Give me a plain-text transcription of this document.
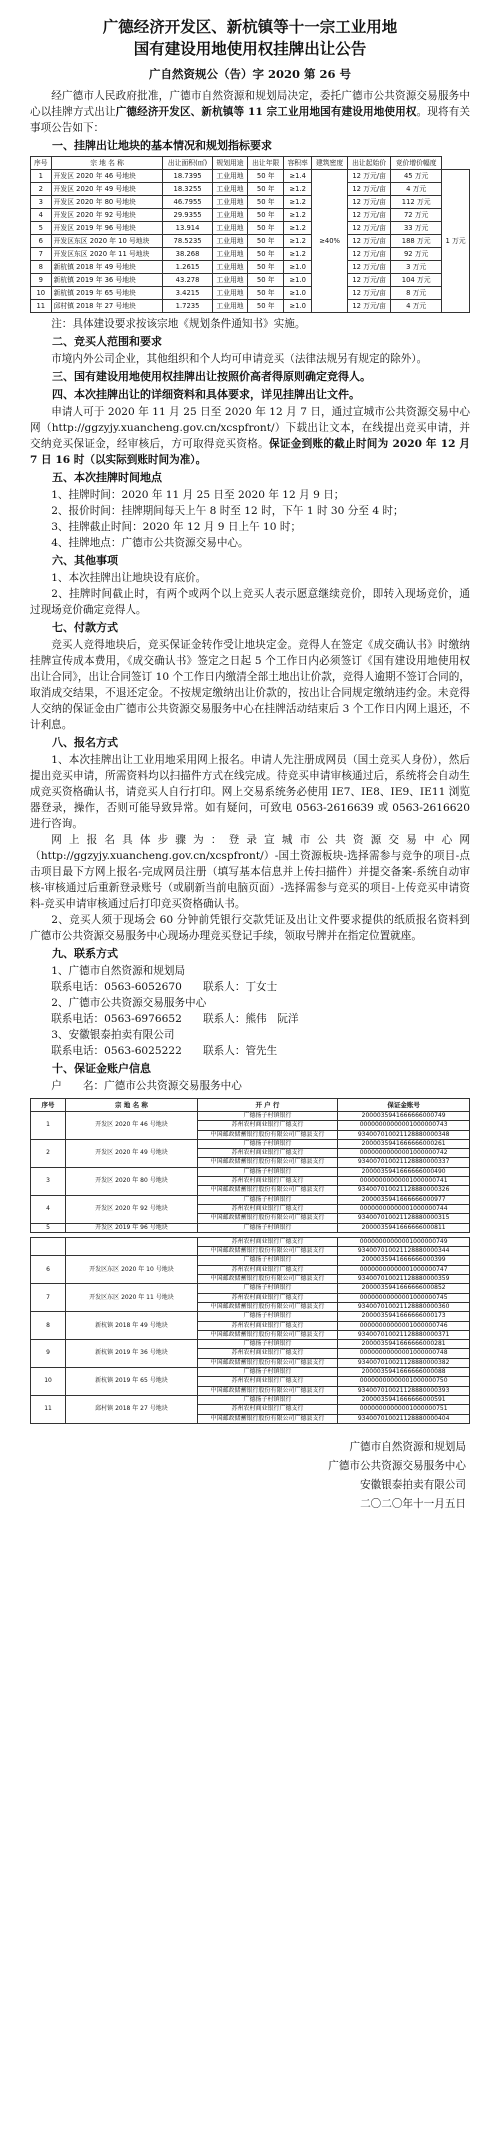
广德经济开发区、新杭镇等十一宗工业用地
国有建设用地使用权挂牌出让公告
广自然资规公（告）字 2020 第 26 号

经广德市人民政府批准，广德市自然资源和规划局决定，委托广德市公共资源交易服务中心以挂牌方式出让广德经济开发区、新杭镇等 11 宗工业用地国有建设用地使用权。现将有关事项公告如下：

一、挂牌出让地块的基本情况和规划指标要求
序号	宗 地 名 称	出让面积(㎡)	规划用途	出让年限	容积率	建筑密度	出让起始价	竞价增价幅度	
1	开发区 2020 年 46 号地块	18.7395	工业用地	50 年	≥1.4	≥40%	12 万元/亩	45 万元	1 万元
2	开发区 2020 年 49 号地块	18.3255	工业用地	50 年	≥1.2		12 万元/亩	4 万元	
3	开发区 2020 年 80 号地块	46.7955	工业用地	50 年	≥1.2		12 万元/亩	112 万元	
4	开发区 2020 年 92 号地块	29.9355	工业用地	50 年	≥1.2		12 万元/亩	72 万元	
5	开发区 2019 年 96 号地块	13.914	工业用地	50 年	≥1.2		12 万元/亩	33 万元	
6	开发区东区 2020 年 10 号地块	78.5235	工业用地	50 年	≥1.2		12 万元/亩	188 万元	
7	开发区东区 2020 年 11 号地块	38.268	工业用地	50 年	≥1.2		12 万元/亩	92 万元	
8	新杭镇 2018 年 49 号地块	1.2615	工业用地	50 年	≥1.0		12 万元/亩	3 万元	
9	新杭镇 2019 年 36 号地块	43.278	工业用地	50 年	≥1.0		12 万元/亩	104 万元	
10	新杭镇 2019 年 65 号地块	3.4215	工业用地	50 年	≥1.0		12 万元/亩	8 万元	
11	邱村镇 2018 年 27 号地块	1.7235	工业用地	50 年	≥1.0		12 万元/亩	4 万元	

注：具体建设要求按该宗地《规划条件通知书》实施。

二、竞买人范围和要求

市境内外公司企业，其他组织和个人均可申请竞买（法律法规另有规定的除外）。

三、国有建设用地使用权挂牌出让按照价高者得原则确定竞得人。
四、本次挂牌出让的详细资料和具体要求，详见挂牌出让文件。

申请人可于 2020 年 11 月 25 日至 2020 年 12 月 7 日，通过宣城市公共资源交易中心网（http://ggzyjy.xuancheng.gov.cn/xcspfront/）下载出让文本，在线提出竞买申请，并交纳竞买保证金，经审核后，方可取得竞买资格。保证金到账的截止时间为 2020 年 12 月 7 日 16 时（以实际到账时间为准）。

五、本次挂牌时间地点

1、挂牌时间：2020 年 11 月 25 日至 2020 年 12 月 9 日；

2、报价时间：挂牌期间每天上午 8 时至 12 时，下午 1 时 30 分至 4 时；

3、挂牌截止时间：2020 年 12 月 9 日上午 10 时；

4、挂牌地点：广德市公共资源交易中心。

六、其他事项

1、本次挂牌出让地块设有底价。

2、挂牌时间截止时，有两个或两个以上竞买人表示愿意继续竞价，即转入现场竞价，通过现场竞价确定竞得人。

七、付款方式

竞买人竞得地块后，竞买保证金转作受让地块定金。竞得人在签定《成交确认书》时缴纳挂牌宣传成本费用，《成交确认书》签定之日起 5 个工作日内必须签订《国有建设用地使用权出让合同》，出让合同签订 10 个工作日内缴清全部土地出让价款，竞得人逾期不签订合同的，取消成交结果，不退还定金。不按规定缴纳出让价款的，按出让合同规定缴纳违约金。未竞得人交纳的保证金由广德市公共资源交易服务中心在挂牌活动结束后 3 个工作日内网上退还，不计利息。

八、报名方式

1、本次挂牌出让工业用地采用网上报名。申请人先注册成网员（国土竞买人身份），然后提出竞买申请，所需资料均以扫描件方式在线完成。待竞买申请审核通过后，系统将会自动生成竞买资格确认书，请竞买人自行打印。网上交易系统务必使用 IE7、IE8、IE9、IE11 浏览器登录，操作，否则可能导致异常。如有疑问，可致电 0563-2616639 或 0563-2616620 进行咨询。

网上报名具体步骤为：登录宣城市公共资源交易中心网（http://ggzyjy.xuancheng.gov.cn/xcspfront/）-国土资源板块-选择需参与竞争的项目-点击项目最下方网上报名-完成网员注册（填写基本信息并上传扫描件）并提交备案-系统自动审核-审核通过后重新登录账号（或刷新当前电脑页面）-选择需参与竞买的项目-上传竞买申请资料-竞买申请审核通过后打印竞买资格确认书。

2、竞买人须于现场会 60 分钟前凭银行交款凭证及出让文件要求提供的纸质报名资料到广德市公共资源交易服务中心现场办理竞买登记手续，领取号牌并在指定位置就座。

九、联系方式

1、广德市自然资源和规划局

联系电话：0563-6052670　　联系人：丁女士

2、广德市公共资源交易服务中心

联系电话：0563-6976652　　联系人：熊伟　阮洋

3、安徽银泰拍卖有限公司

联系电话：0563-6025222　　联系人：管先生

十、保证金账户信息

户　　名：广德市公共资源交易服务中心

序号	宗 地 名 称	开 户 行	保证金账号
1	开发区 2020 年 46 号地块	广德扬子村镇银行	2000035941666666000749
		苏州农村商业银行广德支行	00000000000001000000743
		中国邮政储蓄银行股份有限公司广德县支行	934007010021128880000348
2	开发区 2020 年 49 号地块	广德扬子村镇银行	2000035941666666000261
		苏州农村商业银行广德支行	00000000000001000000742
		中国邮政储蓄银行股份有限公司广德县支行	934007010021128880000337
3	开发区 2020 年 80 号地块	广德扬子村镇银行	2000035941666666000490
		苏州农村商业银行广德支行	00000000000001000000741
		中国邮政储蓄银行股份有限公司广德县支行	934007010021128880000326
4	开发区 2020 年 92 号地块	广德扬子村镇银行	2000035941666666000977
		苏州农村商业银行广德支行	00000000000001000000744
		中国邮政储蓄银行股份有限公司广德县支行	934007010021128880000315
5	开发区 2019 年 96 号地块	广德扬子村镇银行	2000035941666666000811
		苏州农村商业银行广德支行	00000000000001000000749
		中国邮政储蓄银行股份有限公司广德县支行	934007010021128880000344
6	开发区东区 2020 年 10 号地块	广德扬子村镇银行	2000035941666666000399
		苏州农村商业银行广德支行	00000000000001000000747
		中国邮政储蓄银行股份有限公司广德县支行	934007010021128880000359
7	开发区东区 2020 年 11 号地块	广德扬子村镇银行	2000035941666666000852
		苏州农村商业银行广德支行	00000000000001000000745
		中国邮政储蓄银行股份有限公司广德县支行	934007010021128880000360
8	新杭镇 2018 年 49 号地块	广德扬子村镇银行	2000035941666666000173
		苏州农村商业银行广德支行	00000000000001000000746
		中国邮政储蓄银行股份有限公司广德县支行	934007010021128880000371
9	新杭镇 2019 年 36 号地块	广德扬子村镇银行	2000035941666666000281
		苏州农村商业银行广德支行	00000000000001000000748
		中国邮政储蓄银行股份有限公司广德县支行	934007010021128880000382
10	新杭镇 2019 年 65 号地块	广德扬子村镇银行	2000035941666666000088
		苏州农村商业银行广德支行	00000000000001000000750
		中国邮政储蓄银行股份有限公司广德县支行	934007010021128880000393
11	邱村镇 2018 年 27 号地块	广德扬子村镇银行	2000035941666666000591
		苏州农村商业银行广德支行	00000000000001000000751
		中国邮政储蓄银行股份有限公司广德县支行	934007010021128880000404
广德市自然资源和规划局
广德市公共资源交易服务中心
安徽银泰拍卖有限公司
二〇二〇年十一月五日
